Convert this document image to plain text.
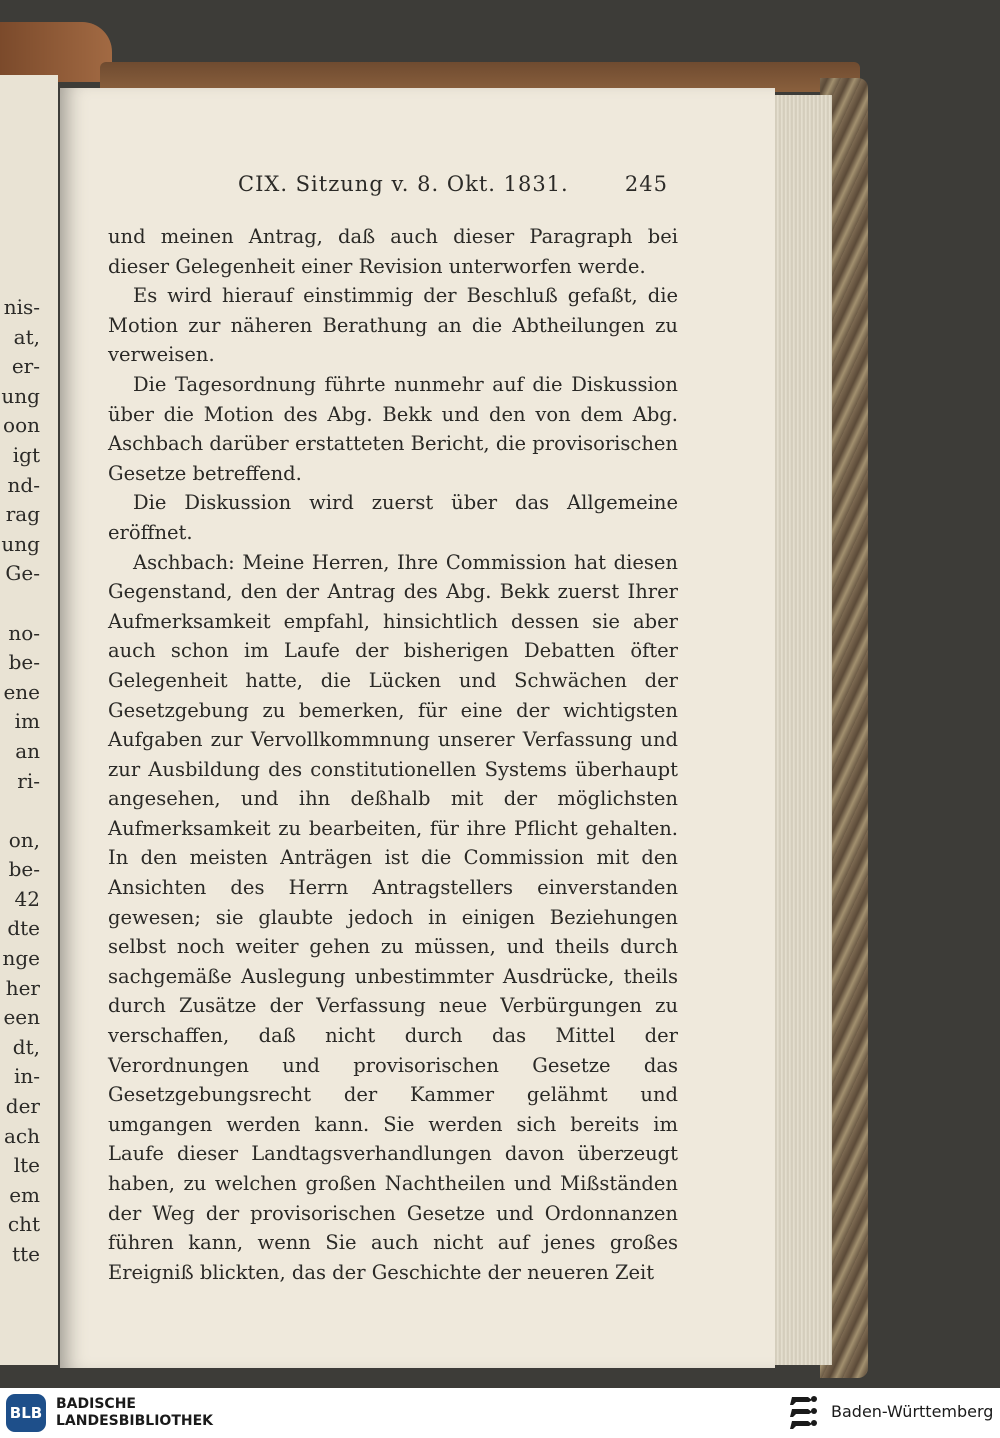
nis-
at,
er-
ung
oon
igt
nd-
rag
ung
Ge-
no-
be-
ene
im
an
ri-
on,
be-
42
dte
nge
her
een
dt,
in-
der
ach
lte
em
cht
tte
CIX. Sitzung v. 8. Okt. 1831.	245

und meinen Antrag, daß auch dieser Paragraph bei dieser Gelegenheit einer Revision unterworfen werde.

Es wird hierauf einstimmig der Beschluß gefaßt, die Motion zur näheren Berathung an die Abtheilungen zu verweisen.

Die Tagesordnung führte nunmehr auf die Diskussion über die Motion des Abg. Bekk und den von dem Abg. Aschbach darüber erstatteten Bericht, die provisorischen Gesetze betreffend.

Die Diskussion wird zuerst über das Allgemeine eröffnet.

Aschbach: Meine Herren, Ihre Commission hat diesen Gegenstand, den der Antrag des Abg. Bekk zuerst Ihrer Aufmerksamkeit empfahl, hinsichtlich dessen sie aber auch schon im Laufe der bisherigen Debatten öfter Gelegenheit hatte, die Lücken und Schwächen der Gesetzgebung zu bemerken, für eine der wichtigsten Aufgaben zur Vervollkommnung unserer Verfassung und zur Ausbildung des constitutionellen Systems überhaupt angesehen, und ihn deßhalb mit der möglichsten Aufmerksamkeit zu bearbeiten, für ihre Pflicht gehalten. In den meisten Anträgen ist die Commission mit den Ansichten des Herrn Antragstellers einverstanden gewesen; sie glaubte jedoch in einigen Beziehungen selbst noch weiter gehen zu müssen, und theils durch sachgemäße Auslegung unbestimmter Ausdrücke, theils durch Zusätze der Verfassung neue Verbürgungen zu verschaffen, daß nicht durch das Mittel der Verordnungen und provisorischen Gesetze das Gesetzgebungsrecht der Kammer gelähmt und umgangen werden kann. Sie werden sich bereits im Laufe dieser Landtagsverhandlungen davon überzeugt haben, zu welchen großen Nachtheilen und Mißständen der Weg der provisorischen Gesetze und Ordonnanzen führen kann, wenn Sie auch nicht auf jenes großes Ereigniß blickten, das der Geschichte der neueren Zeit

BLB BADISCHE
LANDESBIBLIOTHEK	Baden-Württemberg
